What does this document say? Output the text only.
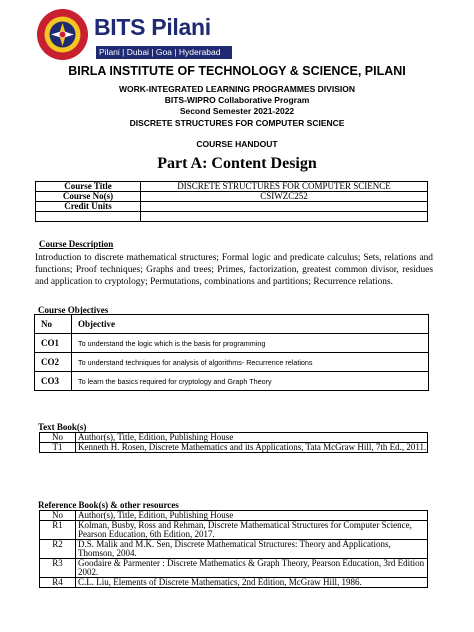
BITS Pilani
Pilani | Dubai | Goa | Hyderabad
BIRLA INSTITUTE OF TECHNOLOGY & SCIENCE, PILANI
WORK-INTEGRATED LEARNING PROGRAMMES DIVISION
BITS-WIPRO Collaborative Program
Second Semester 2021-2022
DISCRETE STRUCTURES FOR COMPUTER SCIENCE
COURSE HANDOUT
Part A: Content Design
Course Title	DISCRETE STRUCTURES FOR COMPUTER SCIENCE
Course No(s)	CSIWZC252
Credit Units	

Course Description
Introduction to discrete mathematical structures; Formal logic and predicate calculus; Sets, relations and functions; Proof techniques; Graphs and trees; Primes, factorization, greatest common divisor, residues and application to cryptology; Permutations, combinations and partitions; Recurrence relations.
Course Objectives
No	Objective
CO1	To understand the logic which is the basis for programming
CO2	To understand techniques for analysis of algorithms- Recurrence relations
CO3	To learn the basics required for cryptology and Graph Theory
Text Book(s)
No	Author(s), Title, Edition, Publishing House
T1	Kenneth H. Rosen, Discrete Mathematics and its Applications, Tata McGraw Hill, 7th Ed., 2011.
Reference Book(s) & other resources
No	Author(s), Title, Edition, Publishing House
R1	Kolman, Busby, Ross and Rehman, Discrete Mathematical Structures for Computer Science, Pearson Education, 6th Edition, 2017.
R2	D.S. Malik and M.K. Sen, Discrete Mathematical Structures: Theory and Applications, Thomson, 2004.
R3	Goodaire & Parmenter : Discrete Mathematics & Graph Theory, Pearson Education, 3rd Edition 2002.
R4	C.L. Liu, Elements of Discrete Mathematics, 2nd Edition, McGraw Hill, 1986.
